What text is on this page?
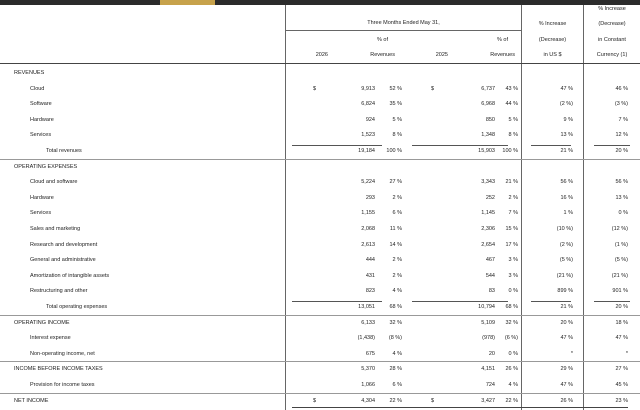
Three Months Ended May 31,
% of	% of
2026	Revenues	2025	Revenues
% Increase
(Decrease)
in US $
% Increase
(Decrease)
in Constant
Currency (1)
REVENUES
Cloud	$	9,913	52 %	$	6,737	43 %	47 %	46 %
Software	6,824	35 %	6,968	44 %	(2 %)	(3 %)
Hardware	924	5 %	850	5 %	9 %	7 %
Services	1,523	8 %	1,348	8 %	13 %	12 %
Total revenues	19,184	100 %	15,903	100 %	21 %	20 %
OPERATING EXPENSES
Cloud and software	5,224	27 %	3,343	21 %	56 %	56 %
Hardware	293	2 %	252	2 %	16 %	13 %
Services	1,155	6 %	1,145	7 %	1 %	0 %
Sales and marketing	2,068	11 %	2,306	15 %	(10 %)	(12 %)
Research and development	2,613	14 %	2,654	17 %	(2 %)	(1 %)
General and administrative	444	2 %	467	3 %	(5 %)	(5 %)
Amortization of intangible assets	431	2 %	544	3 %	(21 %)	(21 %)
Restructuring and other	823	4 %	83	0 %	899 %	901 %
Total operating expenses	13,051	68 %	10,794	68 %	21 %	20 %
OPERATING INCOME	6,133	32 %	5,109	32 %	20 %	18 %
Interest expense	(1,438)	(8 %)	(978)	(6 %)	47 %	47 %
Non-operating income, net	675	4 %	20	0 %	*	*
INCOME BEFORE INCOME TAXES	5,370	28 %	4,151	26 %	29 %	27 %
Provision for income taxes	1,066	6 %	724	4 %	47 %	45 %
NET INCOME	$	4,304	22 %	$	3,427	22 %	26 %	23 %
